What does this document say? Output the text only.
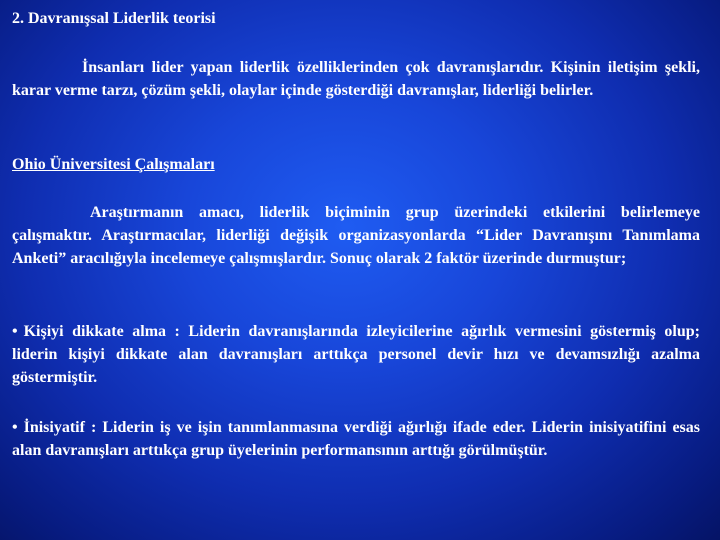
2. Davranışsal Liderlik teorisi

İnsanları lider yapan liderlik özelliklerinden çok davranışlarıdır. Kişinin iletişim şekli, karar verme tarzı, çözüm şekli, olaylar içinde gösterdiği davranışlar, liderliği belirler.

Ohio Üniversitesi Çalışmaları

Araştırmanın amacı, liderlik biçiminin grup üzerindeki etkilerini belirlemeye çalışmaktır. Araştırmacılar, liderliği değişik organizasyonlarda “Lider Davranışını Tanımlama Anketi” aracılığıyla incelemeye çalışmışlardır. Sonuç olarak 2 faktör üzerinde durmuştur;

• Kişiyi dikkate alma : Liderin davranışlarında izleyicilerine ağırlık vermesini göstermiş olup; liderin kişiyi dikkate alan davranışları arttıkça personel devir hızı ve devamsızlığı azalma göstermiştir.

• İnisiyatif : Liderin iş ve işin tanımlanmasına verdiği ağırlığı ifade eder. Liderin inisiyatifini esas alan davranışları arttıkça grup üyelerinin performansının arttığı görülmüştür.
